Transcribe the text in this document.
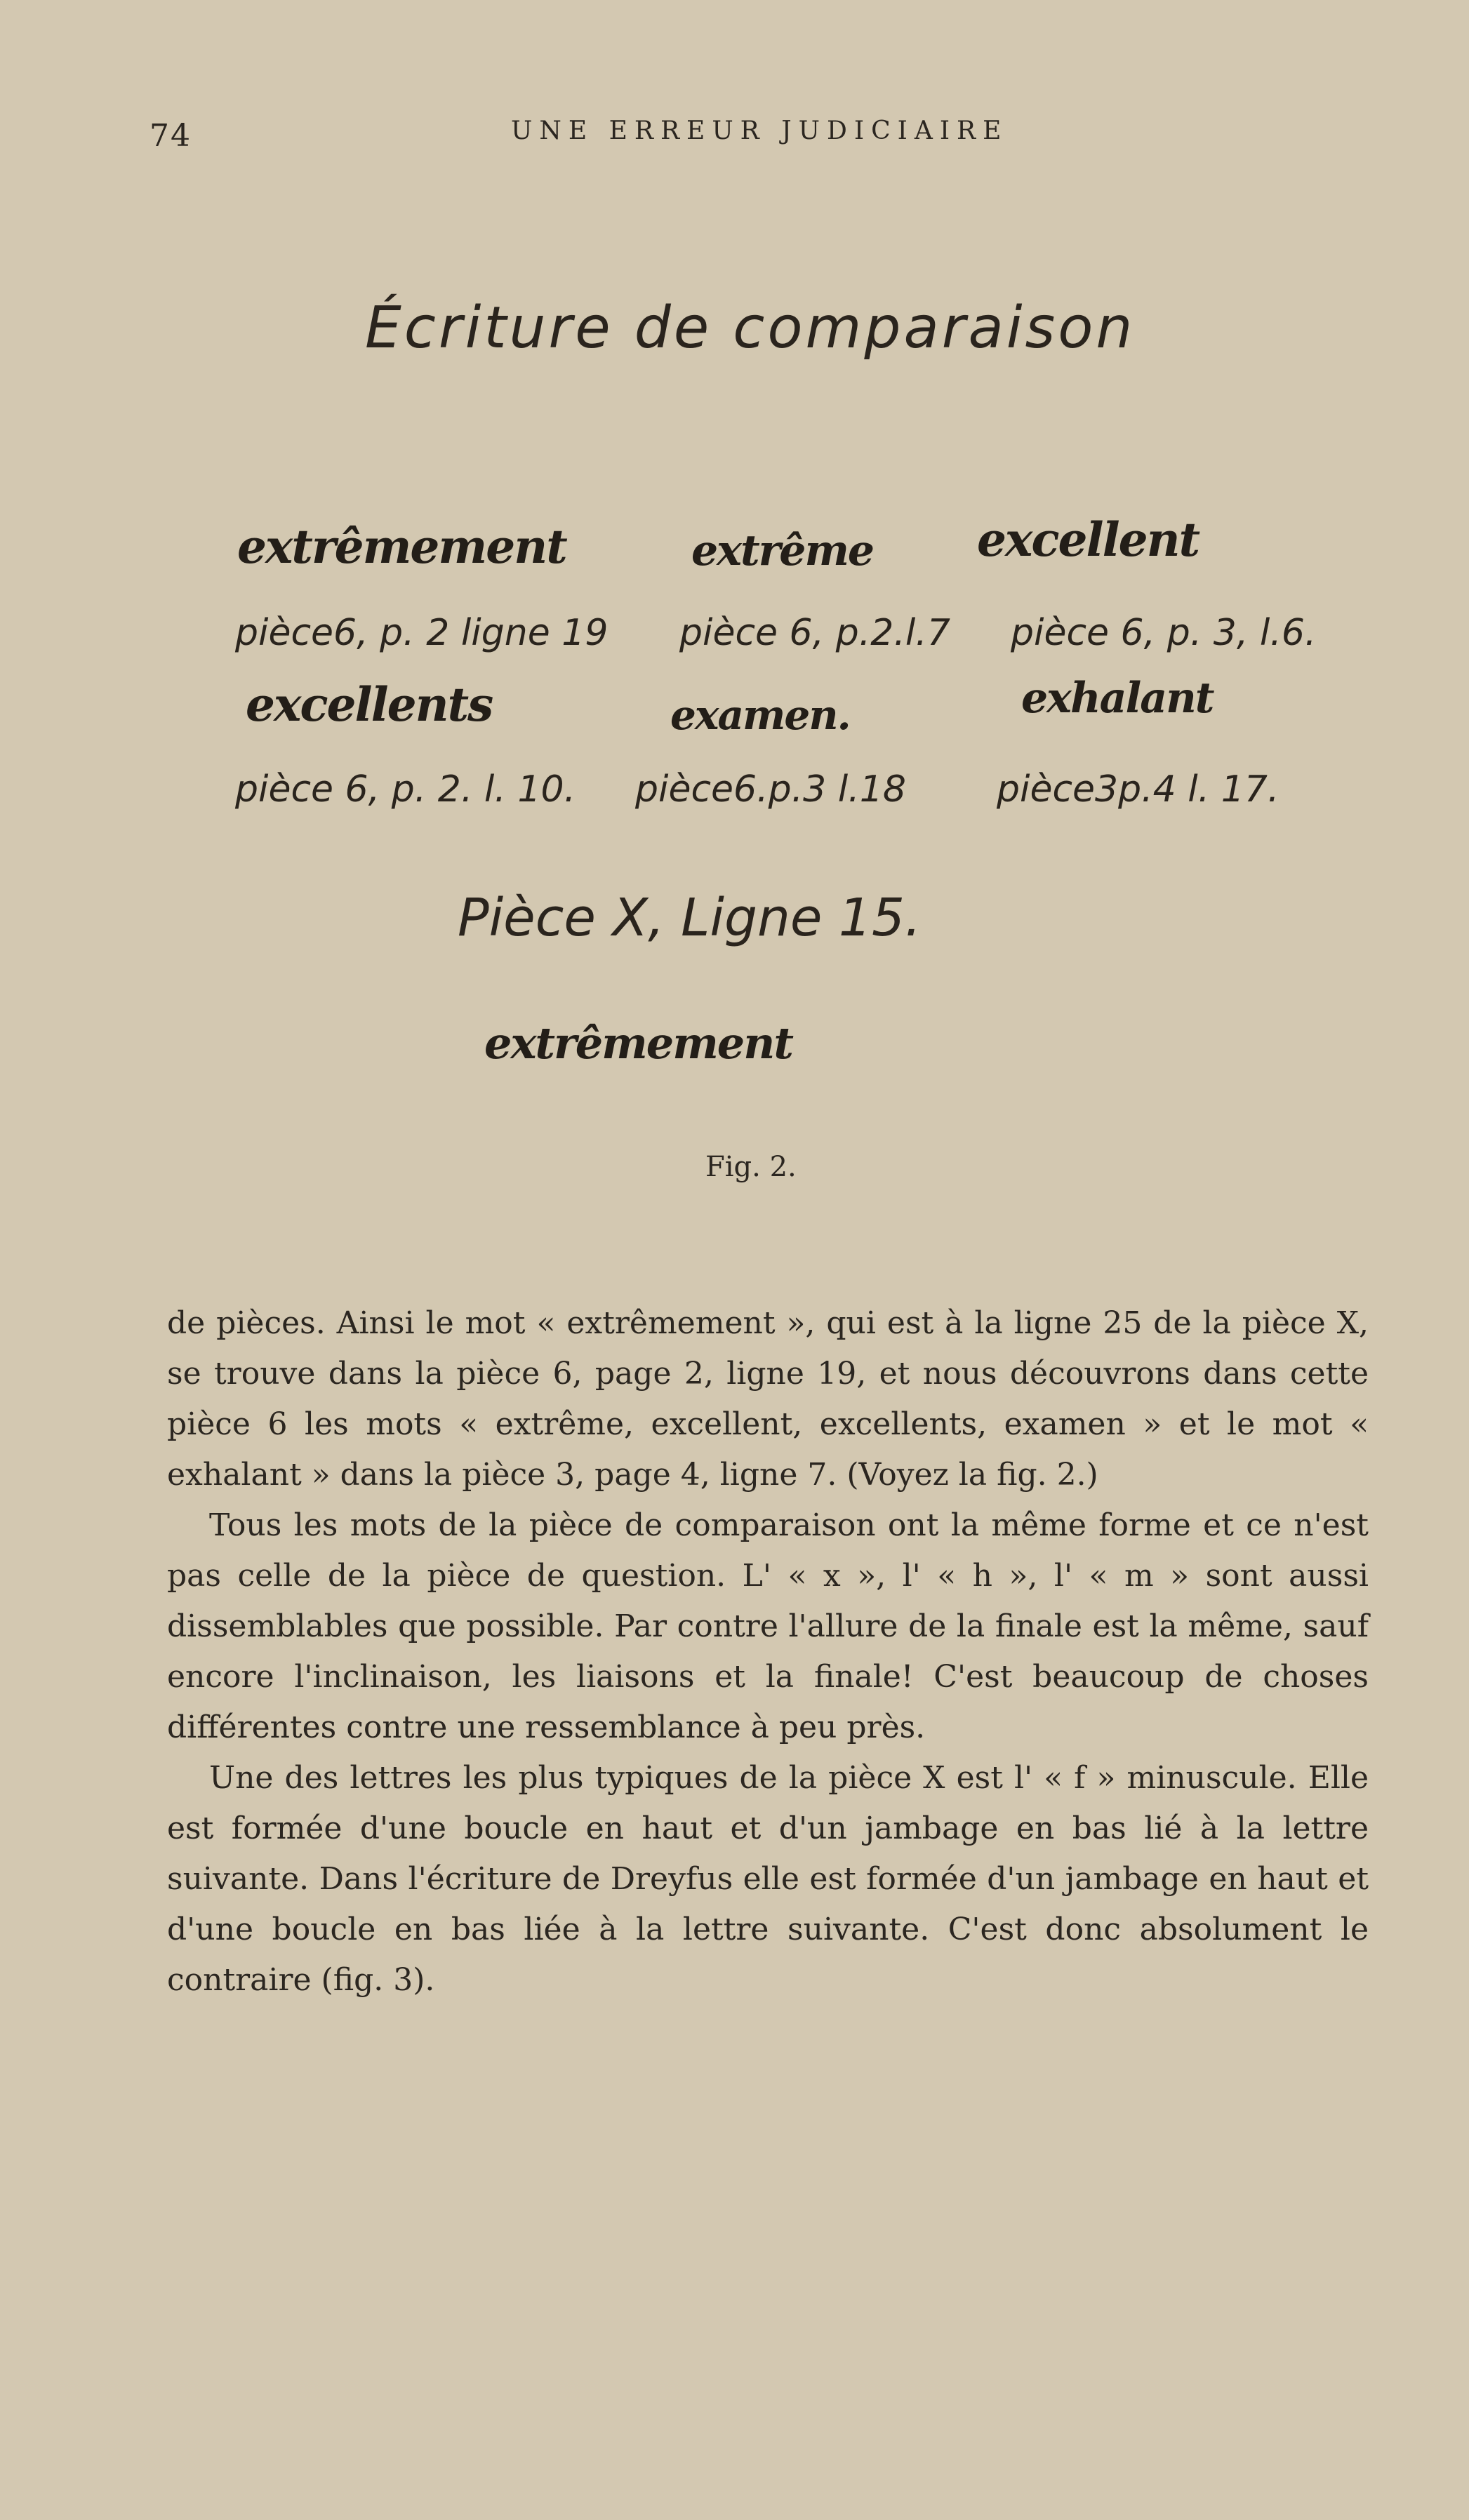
74	UNE ERREUR JUDICIAIRE
Écriture de comparaison
extrêmement
pièce6, p. 2 ligne 19
extrême
pièce 6, p.2.l.7
excellent
pièce 6, p. 3, l.6.
excellents
pièce 6, p. 2. l. 10.
examen.
pièce6.p.3 l.18
exhalant
pièce3p.4 l. 17.
Pièce X, Ligne 15.
extrêmement
Fig. 2.

de pièces. Ainsi le mot « extrêmement », qui est à la ligne 25 de la pièce X, se trouve dans la pièce 6, page 2, ligne 19, et nous découvrons dans cette pièce 6 les mots « extrême, excellent, excellents, examen » et le mot « exhalant » dans la pièce 3, page 4, ligne 7. (Voyez la fig. 2.)

Tous les mots de la pièce de comparaison ont la même forme et ce n'est pas celle de la pièce de question. L' « x », l' « h », l' « m » sont aussi dissemblables que possible. Par contre l'allure de la finale est la même, sauf encore l'inclinaison, les liaisons et la finale! C'est beaucoup de choses différentes contre une ressemblance à peu près.

Une des lettres les plus typiques de la pièce X est l' « f » minuscule. Elle est formée d'une boucle en haut et d'un jambage en bas lié à la lettre suivante. Dans l'écriture de Dreyfus elle est formée d'un jambage en haut et d'une boucle en bas liée à la lettre suivante. C'est donc absolument le contraire (fig. 3).
